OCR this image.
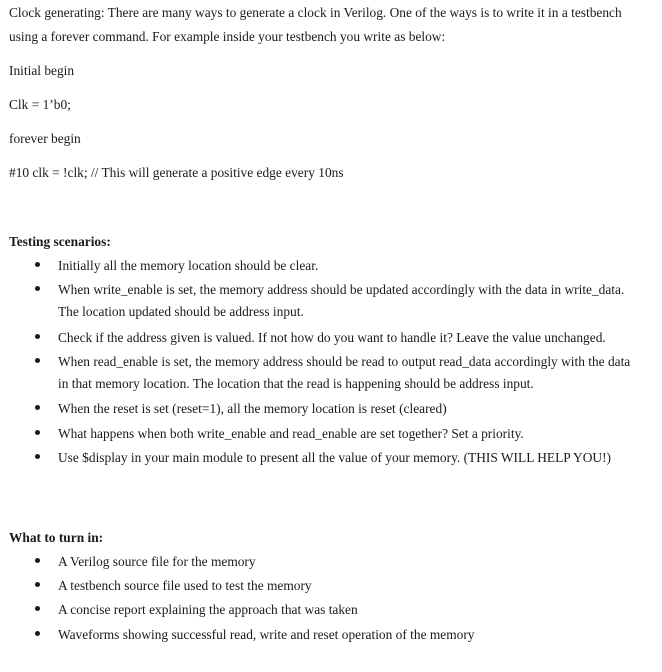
Clock generating: There are many ways to generate a clock in Verilog. One of the ways is to write it in a testbench
using a forever command. For example inside your testbench you write as below:
Initial begin
Clk = 1’b0;
forever begin
#10 clk = !clk; // This will generate a positive edge every 10ns
Testing scenarios:
Initially all the memory location should be clear.
When write_enable is set, the memory address should be updated accordingly with the data in write_data.
The location updated should be address input.
Check if the address given is valued. If not how do you want to handle it? Leave the value unchanged.
When read_enable is set, the memory address should be read to output read_data accordingly with the data
in that memory location. The location that the read is happening should be address input.
When the reset is set (reset=1), all the memory location is reset (cleared)
What happens when both write_enable and read_enable are set together? Set a priority.
Use $display in your main module to present all the value of your memory. (THIS WILL HELP YOU!)
What to turn in:
A Verilog source file for the memory
A testbench source file used to test the memory
A concise report explaining the approach that was taken
Waveforms showing successful read, write and reset operation of the memory
